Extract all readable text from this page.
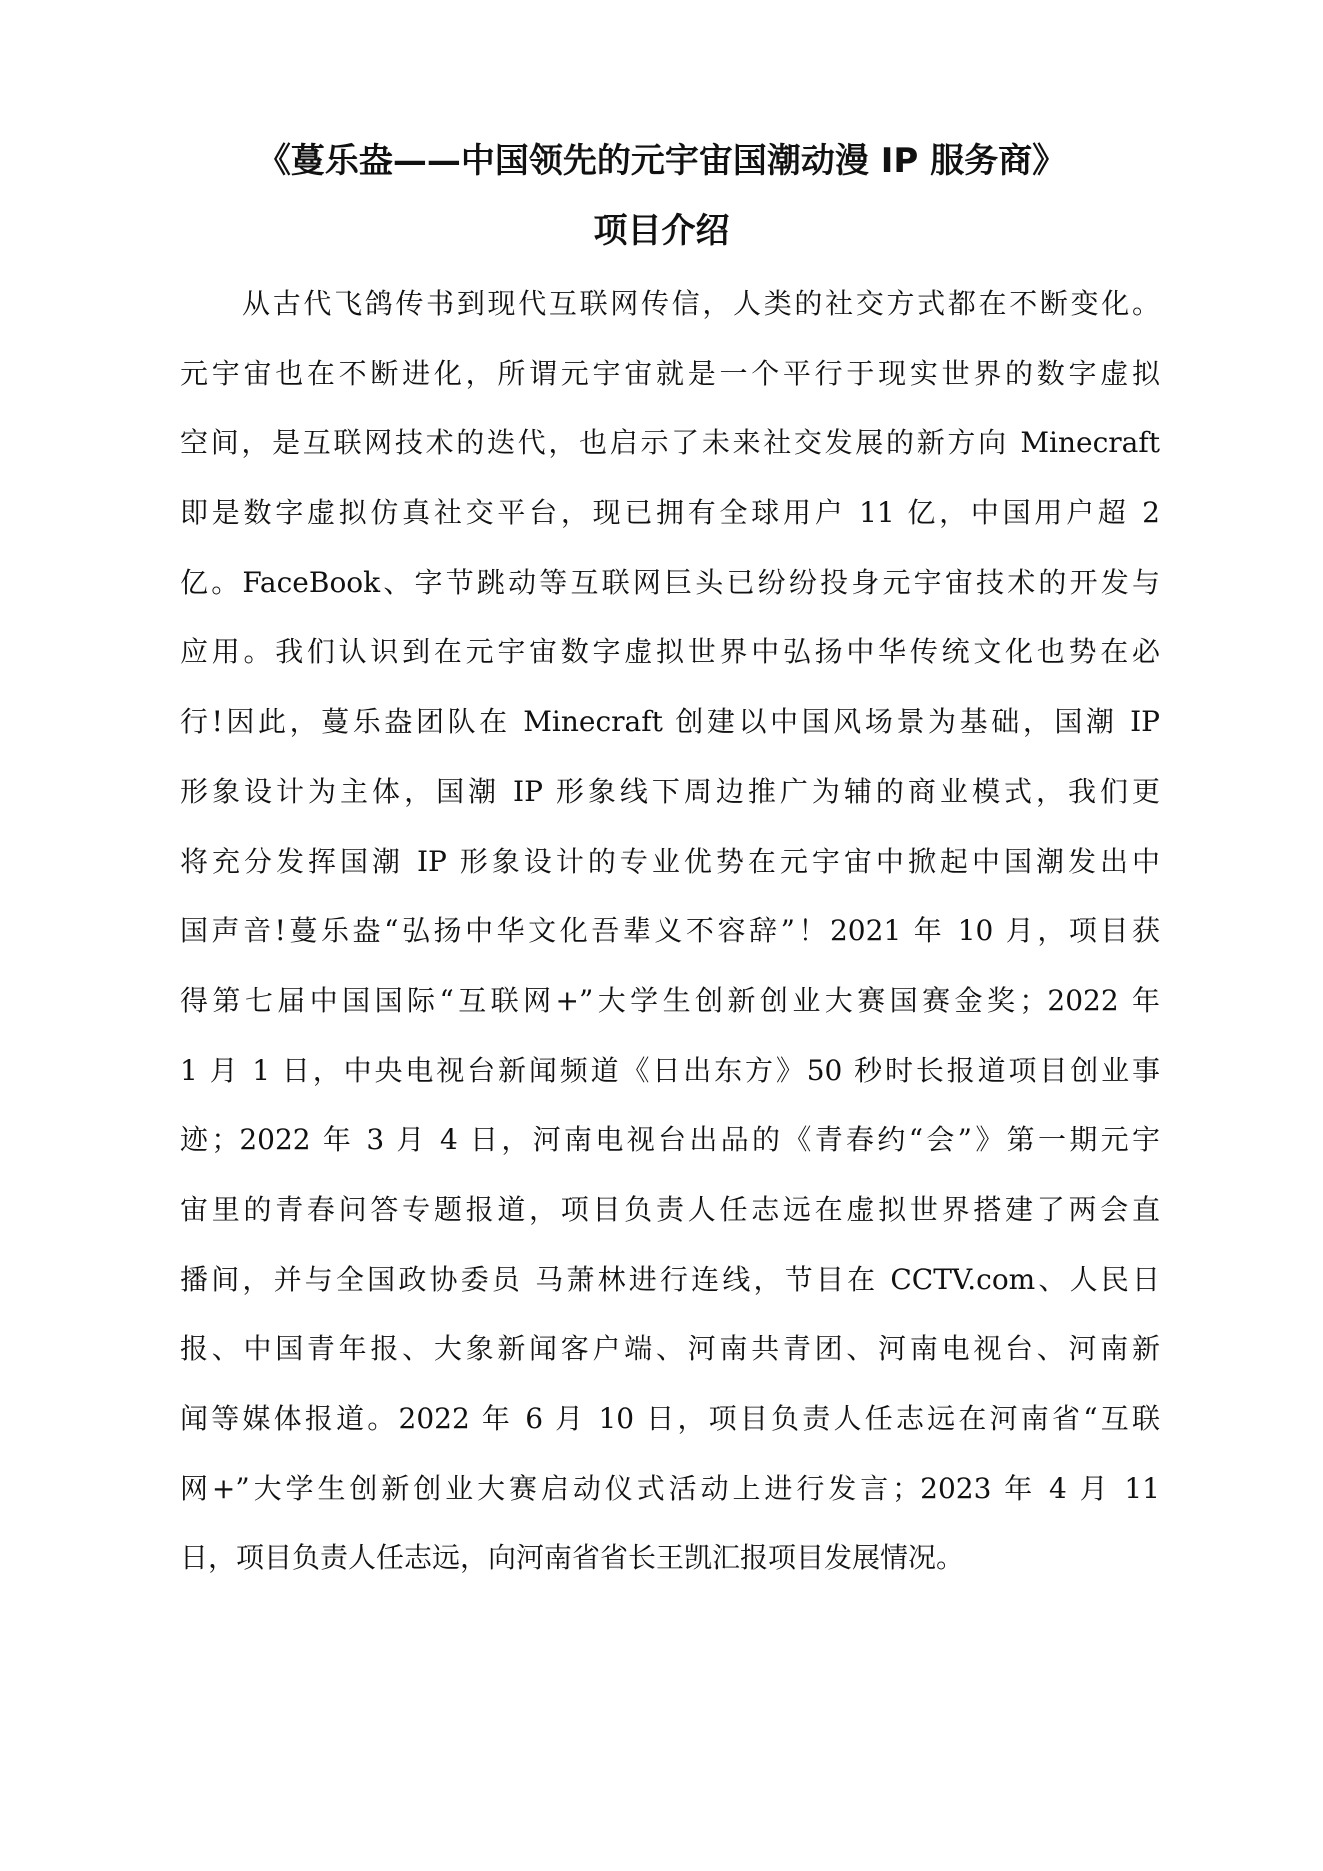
《蔓乐盎——中国领先的元宇宙国潮动漫 IP 服务商》
项目介绍
从古代飞鸽传书到现代互联网传信，人类的社交方式都在不断变化。
元宇宙也在不断进化，所谓元宇宙就是一个平行于现实世界的数字虚拟
空间，是互联网技术的迭代，也启示了未来社交发展的新方向 Minecraft
即是数字虚拟仿真社交平台，现已拥有全球用户 11 亿，中国用户超 2
亿。FaceBook、字节跳动等互联网巨头已纷纷投身元宇宙技术的开发与
应用。我们认识到在元宇宙数字虚拟世界中弘扬中华传统文化也势在必
行!因此，蔓乐盎团队在 Minecraft 创建以中国风场景为基础，国潮 IP
形象设计为主体，国潮 IP 形象线下周边推广为辅的商业模式，我们更
将充分发挥国潮 IP 形象设计的专业优势在元宇宙中掀起中国潮发出中
国声音!蔓乐盎“弘扬中华文化吾辈义不容辞”！2021 年 10 月，项目获
得第七届中国国际“互联网+”大学生创新创业大赛国赛金奖；2022 年
1 月 1 日，中央电视台新闻频道《日出东方》50 秒时长报道项目创业事
迹；2022 年 3 月 4 日，河南电视台出品的《青春约“会”》第一期元宇
宙里的青春问答专题报道，项目负责人任志远在虚拟世界搭建了两会直
播间，并与全国政协委员 马萧林进行连线，节目在 CCTV.com、人民日
报、中国青年报、大象新闻客户端、河南共青团、河南电视台、河南新
闻等媒体报道。2022 年 6 月 10 日，项目负责人任志远在河南省“互联
网+”大学生创新创业大赛启动仪式活动上进行发言；2023 年 4 月 11
日，项目负责人任志远，向河南省省长王凯汇报项目发展情况。
